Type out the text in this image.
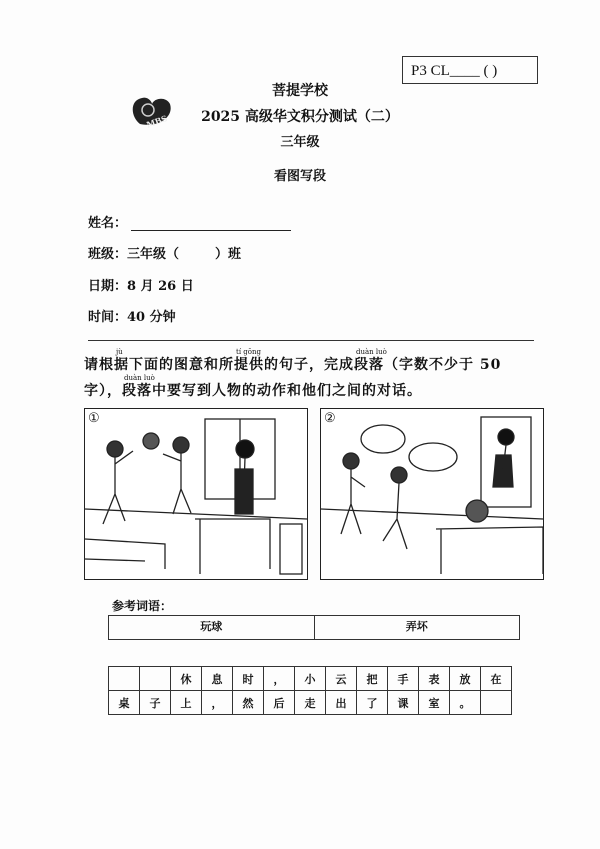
P3 CL____ ( )
MBS
菩提学校
2025 高级华文积分测试（二）
三年级
看图写段
姓名：
班级：三年级（	）班
日期：8 月 26 日
时间：40 分钟
请根
jù
据下面的图意和所
tí gōng
提供的句子，完成
duàn luò
段落（字数不少于 50
字），
duàn luò
段落中要写到人物的动作和他们之间的对话。
①	②
参考词语：
玩球	弄坏
		休	息	时	，	小	云	把	手	表	放	在
桌	子	上	，	然	后	走	出	了	课	室	。	
